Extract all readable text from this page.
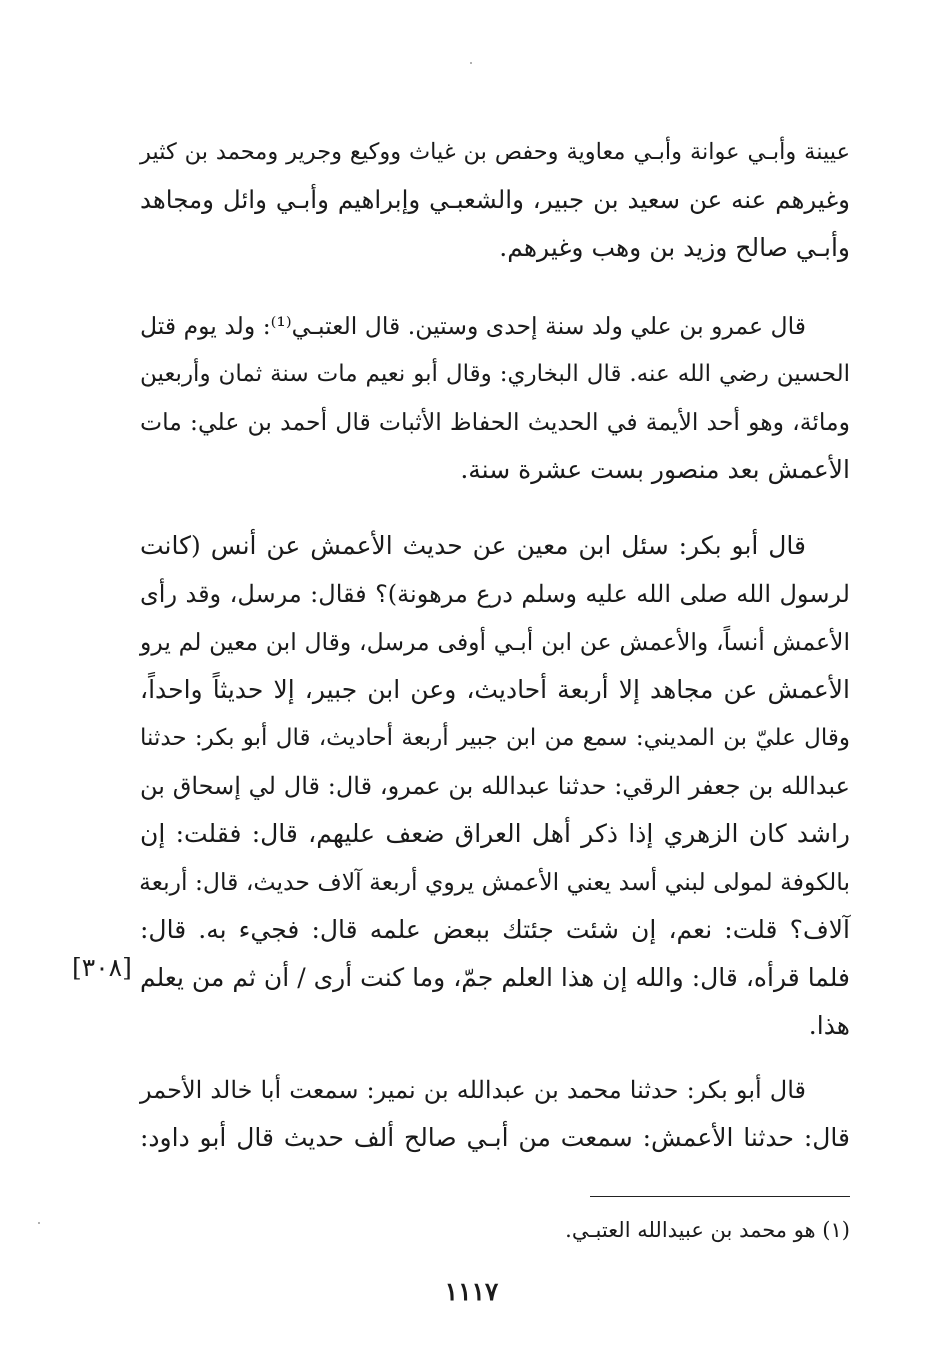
عيينة وأبـي عوانة وأبـي معاوية وحفص بن غياث ووكيع وجرير ومحمد بن كثير
وغيرهم عنه عن سعيد بن جبير، والشعبـي وإبراهيم وأبـي وائل ومجاهد
وأبـي صالح وزيد بن وهب وغيرهم.
قال عمرو بن علي ولد سنة إحدى وستين. قال العتبـي⁽¹⁾: ولد يوم قتل
الحسين رضي الله عنه. قال البخاري: وقال أبو نعيم مات سنة ثمان وأربعين
ومائة، وهو أحد الأيمة في الحديث الحفاظ الأثبات قال أحمد بن علي: مات
الأعمش بعد منصور بست عشرة سنة.
قال أبو بكر: سئل ابن معين عن حديث الأعمش عن أنس (كانت
لرسول الله صلى الله عليه وسلم درع مرهونة)؟ فقال: مرسل، وقد رأى
الأعمش أنساً، والأعمش عن ابن أبـي أوفى مرسل، وقال ابن معين لم يرو
الأعمش عن مجاهد إلا أربعة أحاديث، وعن ابن جبير، إلا حديثاً واحداً،
وقال عليّ بن المديني: سمع من ابن جبير أربعة أحاديث، قال أبو بكر: حدثنا
عبدالله بن جعفر الرقي: حدثنا عبدالله بن عمرو، قال: قال لي إسحاق بن
راشد كان الزهري إذا ذكر أهل العراق ضعف عليهم، قال: فقلت: إن
بالكوفة لمولى لبني أسد يعني الأعمش يروي أربعة آلاف حديث، قال: أربعة
آلاف؟ قلت: نعم، إن شئت جئتك ببعض علمه قال: فجيء به. قال:
فلما قرأه، قال: والله إن هذا العلم جمّ، وما كنت أرى / أن ثم من يعلم
هذا.
[٣٠٨]
قال أبو بكر: حدثنا محمد بن عبدالله بن نمير: سمعت أبا خالد الأحمر
قال: حدثنا الأعمش: سمعت من أبـي صالح ألف حديث قال أبو داود:
(١) هو محمد بن عبيدالله العتبـي.
١١١٧
